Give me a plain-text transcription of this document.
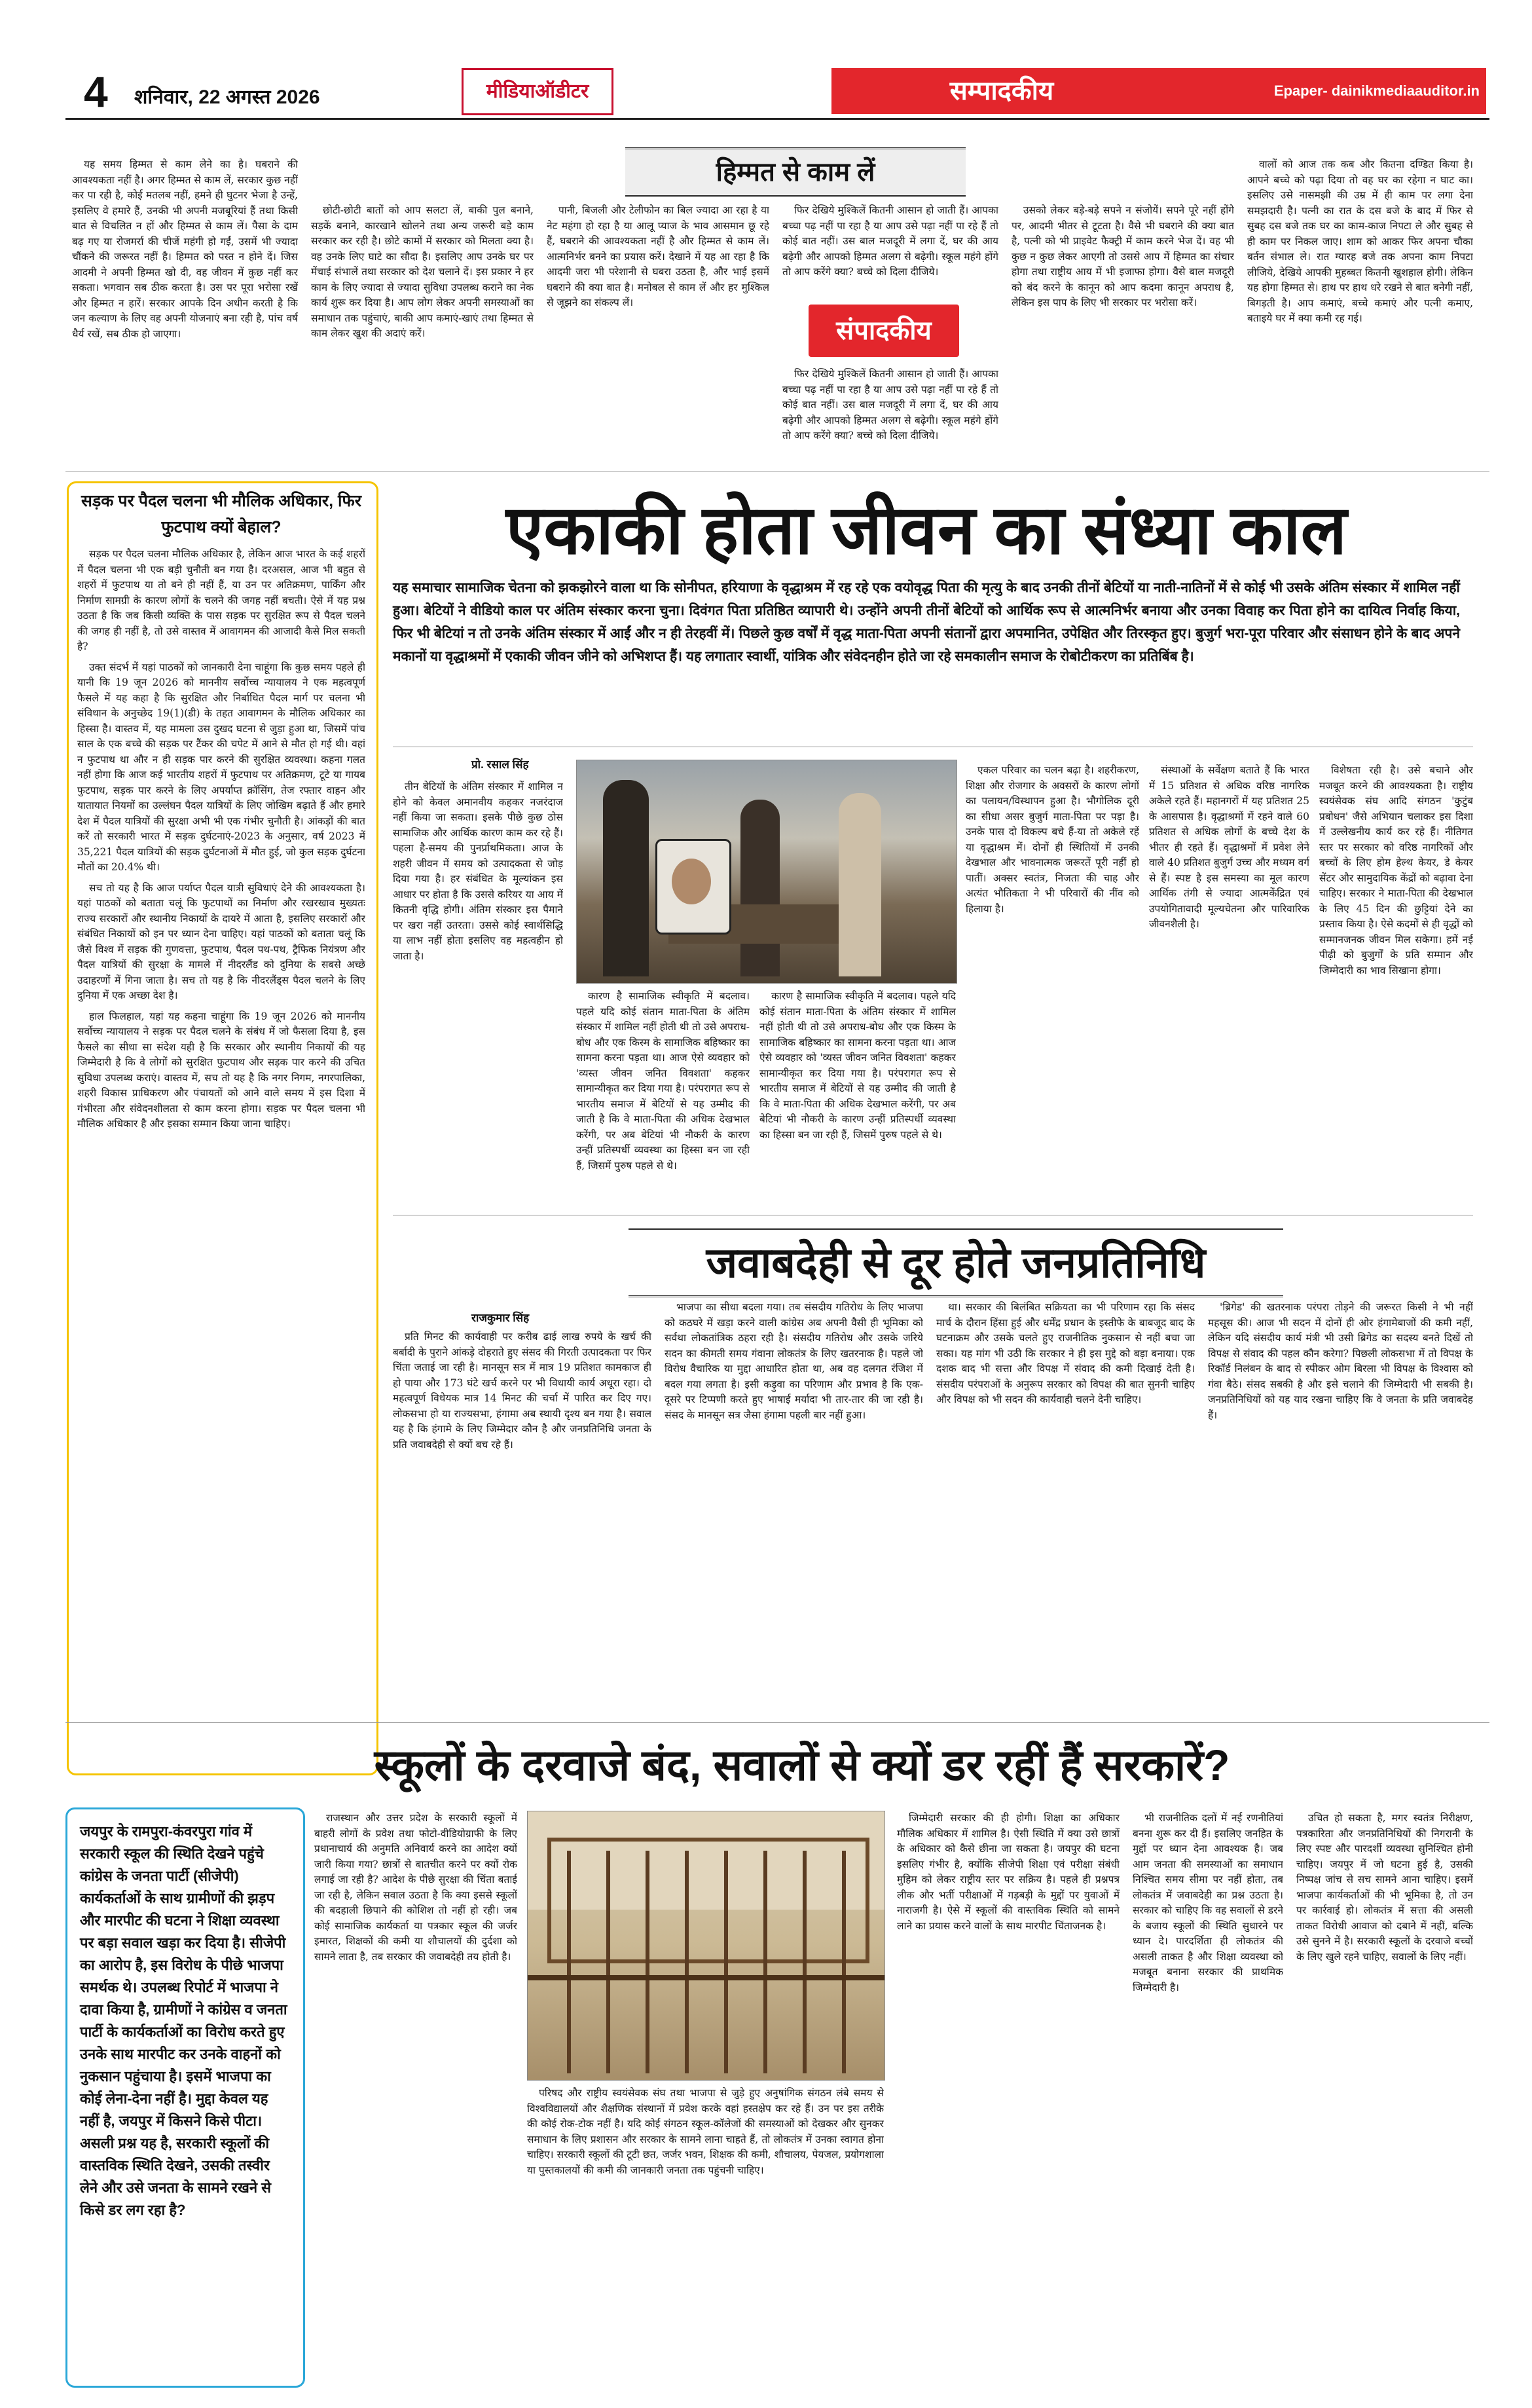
4	शनिवार, 22 अगस्त 2026	मीडियाऑडीटर	सम्पादकीय	Epaper- dainikmediaauditor.in
हिम्मत से काम लें

यह समय हिम्मत से काम लेने का है। घबराने की आवश्यकता नहीं है। अगर हिम्मत से काम लें, सरकार कुछ नहीं कर पा रही है, कोई मतलब नहीं, हमने ही घुटनर भेजा है उन्हें, इसलिए वे हमारे हैं, उनकी भी अपनी मजबूरियां हैं तथा किसी बात से विचलित न हों और हिम्मत से काम लें। पैसा के दाम बढ़ गए या रोजमर्रा की चीजें महंगी हो गईं, उसमें भी ज्यादा चौंकने की जरूरत नहीं है। हिम्मत को पस्त न होने दें। जिस आदमी ने अपनी हिम्मत खो दी, वह जीवन में कुछ नहीं कर सकता। भगवान सब ठीक करता है। उस पर पूरा भरोसा रखें और हिम्मत न हारें। सरकार आपके दिन अधीन करती है कि जन कल्याण के लिए वह अपनी योजनाएं बना रही है, पांच वर्ष धैर्य रखें, सब ठीक हो जाएगा।

छोटी-छोटी बातों को आप सलटा लें, बाकी पुल बनाने, सड़कें बनाने, कारखाने खोलने तथा अन्य जरूरी बड़े काम सरकार कर रही है। छोटे कामों में सरकार को मिलता क्या है। वह उनके लिए घाटे का सौदा है। इसलिए आप उनके घर पर मेंचाई संभालें तथा सरकार को देश चलाने दें। इस प्रकार ने हर काम के लिए ज्यादा से ज्यादा सुविधा उपलब्ध कराने का नेक कार्य शुरू कर दिया है। आप लोग लेकर अपनी समस्याओं का समाधान तक पहुंचाएं, बाकी आप कमाएं-खाएं तथा हिम्मत से काम लेकर खुश की अदाएं करें।

पानी, बिजली और टेलीफोन का बिल ज्यादा आ रहा है या नेट महंगा हो रहा है या आलू प्याज के भाव आसमान छू रहे हैं, घबराने की आवश्यकता नहीं है और हिम्मत से काम लें। आत्मनिर्भर बनने का प्रयास करें। देखाने में यह आ रहा है कि आदमी जरा भी परेशानी से घबरा उठता है, और भाई इसमें घबराने की क्या बात है। मनोबल से काम लें और हर मुश्किल से जूझने का संकल्प लें।

फिर देखिये मुश्किलें कितनी आसान हो जाती हैं। आपका बच्चा पढ़ नहीं पा रहा है या आप उसे पढ़ा नहीं पा रहे हैं तो कोई बात नहीं। उस बाल मजदूरी में लगा दें, घर की आय बढ़ेगी और आपको हिम्मत अलग से बढ़ेगी। स्कूल महंगे होंगे तो आप करेंगे क्या? बच्चे को दिला दीजिये।

फिर देखिये मुश्किलें कितनी आसान हो जाती हैं। आपका बच्चा पढ़ नहीं पा रहा है या आप उसे पढ़ा नहीं पा रहे हैं तो कोई बात नहीं। उस बाल मजदूरी में लगा दें, घर की आय बढ़ेगी और आपको हिम्मत अलग से बढ़ेगी। स्कूल महंगे होंगे तो आप करेंगे क्या? बच्चे को दिला दीजिये।

संपादकीय

उसको लेकर बड़े-बड़े सपने न संजोयें। सपने पूरे नहीं होंगे पर, आदमी भीतर से टूटता है। वैसे भी घबराने की क्या बात है, पत्नी को भी प्राइवेट फैक्ट्री में काम करने भेज दें। वह भी कुछ न कुछ लेकर आएगी तो उससे आप में हिम्मत का संचार होगा तथा राष्ट्रीय आय में भी इजाफा होगा। वैसे बाल मजदूरी को बंद करने के कानून को आप कदमा कानून अपराध है, लेकिन इस पाप के लिए भी सरकार पर भरोसा करें।

वालों को आज तक कब और कितना दण्डित किया है। आपने बच्चे को पढ़ा दिया तो वह घर का रहेगा न घाट का। इसलिए उसे नासमझी की उम्र में ही काम पर लगा देना समझदारी है। पत्नी का रात के दस बजे के बाद में फिर से सुबह दस बजे तक घर का काम-काज निपटा ले और सुबह से ही काम पर निकल जाए। शाम को आकर फिर अपना चौका बर्तन संभाल ले। रात ग्यारह बजे तक अपना काम निपटा लीजिये, देखिये आपकी मुहब्बत कितनी खुशहाल होगी। लेकिन यह होगा हिम्मत से। हाथ पर हाथ धरे रखने से बात बनेगी नहीं, बिगड़ती है। आप कमाएं, बच्चे कमाएं और पत्नी कमाए, बताइये घर में क्या कमी रह गई।

सड़क पर पैदल चलना भी मौलिक अधिकार, फिर फुटपाथ क्यों बेहाल?

सड़क पर पैदल चलना मौलिक अधिकार है, लेकिन आज भारत के कई शहरों में पैदल चलना भी एक बड़ी चुनौती बन गया है। दरअसल, आज भी बहुत से शहरों में फुटपाथ या तो बने ही नहीं हैं, या उन पर अतिक्रमण, पार्किंग और निर्माण सामग्री के कारण लोगों के चलने की जगह नहीं बचती। ऐसे में यह प्रश्न उठता है कि जब किसी व्यक्ति के पास सड़क पर सुरक्षित रूप से पैदल चलने की जगह ही नहीं है, तो उसे वास्तव में आवागमन की आजादी कैसे मिल सकती है?

उक्त संदर्भ में यहां पाठकों को जानकारी देना चाहूंगा कि कुछ समय पहले ही यानी कि 19 जून 2026 को माननीय सर्वोच्च न्यायालय ने एक महत्वपूर्ण फैसले में यह कहा है कि सुरक्षित और निर्बाधित पैदल मार्ग पर चलना भी संविधान के अनुच्छेद 19(1)(डी) के तहत आवागमन के मौलिक अधिकार का हिस्सा है। वास्तव में, यह मामला उस दुखद घटना से जुड़ा हुआ था, जिसमें पांच साल के एक बच्चे की सड़क पर टैंकर की चपेट में आने से मौत हो गई थी। वहां न फुटपाथ था और न ही सड़क पार करने की सुरक्षित व्यवस्था। कहना गलत नहीं होगा कि आज कई भारतीय शहरों में फुटपाथ पर अतिक्रमण, टूटे या गायब फुटपाथ, सड़क पार करने के लिए अपर्याप्त क्रॉसिंग, तेज रफ्तार वाहन और यातायात नियमों का उल्लंघन पैदल यात्रियों के लिए जोखिम बढ़ाते हैं और हमारे देश में पैदल यात्रियों की सुरक्षा अभी भी एक गंभीर चुनौती है। आंकड़ों की बात करें तो सरकारी भारत में सड़क दुर्घटनाएं-2023 के अनुसार, वर्ष 2023 में 35,221 पैदल यात्रियों की सड़क दुर्घटनाओं में मौत हुई, जो कुल सड़क दुर्घटना मौतों का 20.4% थी।

सच तो यह है कि आज पर्याप्त पैदल यात्री सुविधाएं देने की आवश्यकता है। यहां पाठकों को बताता चलूं कि फुटपाथों का निर्माण और रखरखाव मुख्यतः राज्य सरकारों और स्थानीय निकायों के दायरे में आता है, इसलिए सरकारों और संबंधित निकायों को इन पर ध्यान देना चाहिए। यहां पाठकों को बताता चलूं कि जैसे विश्व में सड़क की गुणवत्ता, फुटपाथ, पैदल पथ-पथ, ट्रैफिक नियंत्रण और पैदल यात्रियों की सुरक्षा के मामले में नीदरलैंड को दुनिया के सबसे अच्छे उदाहरणों में गिना जाता है। सच तो यह है कि नीदरलैंड्स पैदल चलने के लिए दुनिया में एक अच्छा देश है।

हाल फिलहाल, यहां यह कहना चाहूंगा कि 19 जून 2026 को माननीय सर्वोच्च न्यायालय ने सड़क पर पैदल चलने के संबंध में जो फैसला दिया है, इस फैसले का सीधा सा संदेश यही है कि सरकार और स्थानीय निकायों की यह जिम्मेदारी है कि वे लोगों को सुरक्षित फुटपाथ और सड़क पार करने की उचित सुविधा उपलब्ध कराएं। वास्तव में, सच तो यह है कि नगर निगम, नगरपालिका, शहरी विकास प्राधिकरण और पंचायतों को आने वाले समय में इस दिशा में गंभीरता और संवेदनशीलता से काम करना होगा। सड़क पर पैदल चलना भी मौलिक अधिकार है और इसका सम्मान किया जाना चाहिए।

एकाकी होता जीवन का संध्या काल
यह समाचार सामाजिक चेतना को झकझोरने वाला था कि सोनीपत, हरियाणा के वृद्धाश्रम में रह रहे एक वयोवृद्ध पिता की मृत्यु के बाद उनकी तीनों बेटियों या नाती-नातिनों में से कोई भी उसके अंतिम संस्कार में शामिल नहीं हुआ। बेटियों ने वीडियो काल पर अंतिम संस्कार करना चुना। दिवंगत पिता प्रतिष्ठित व्यापारी थे। उन्होंने अपनी तीनों बेटियों को आर्थिक रूप से आत्मनिर्भर बनाया और उनका विवाह कर पिता होने का दायित्व निर्वाह किया, फिर भी बेटियां न तो उनके अंतिम संस्कार में आईं और न ही तेरहवीं में। पिछले कुछ वर्षों में वृद्ध माता-पिता अपनी संतानों द्वारा अपमानित, उपेक्षित और तिरस्कृत हुए। बुजुर्ग भरा-पूरा परिवार और संसाधन होने के बाद अपने मकानों या वृद्धाश्रमों में एकाकी जीवन जीने को अभिशप्त हैं। यह लगातार स्वार्थी, यांत्रिक और संवेदनहीन होते जा रहे समकालीन समाज के रोबोटीकरण का प्रतिबिंब है।
प्रो. रसाल सिंह

तीन बेटियों के अंतिम संस्कार में शामिल न होने को केवल अमानवीय कहकर नजरंदाज नहीं किया जा सकता। इसके पीछे कुछ ठोस सामाजिक और आर्थिक कारण काम कर रहे हैं। पहला है-समय की पुनर्प्राथमिकता। आज के शहरी जीवन में समय को उत्पादकता से जोड़ दिया गया है। हर संबंधित के मूल्यांकन इस आधार पर होता है कि उससे करियर या आय में कितनी वृद्धि होगी। अंतिम संस्कार इस पैमाने पर खरा नहीं उतरता। उससे कोई स्वार्थसिद्धि या लाभ नहीं होता इसलिए वह महत्वहीन हो जाता है।

कारण है सामाजिक स्वीकृति में बदलाव। पहले यदि कोई संतान माता-पिता के अंतिम संस्कार में शामिल नहीं होती थी तो उसे अपराध-बोध और एक किस्म के सामाजिक बहिष्कार का सामना करना पड़ता था। आज ऐसे व्यवहार को 'व्यस्त जीवन जनित विवशता' कहकर सामान्यीकृत कर दिया गया है। परंपरागत रूप से भारतीय समाज में बेटियों से यह उम्मीद की जाती है कि वे माता-पिता की अधिक देखभाल करेंगी, पर अब बेटियां भी नौकरी के कारण उन्हीं प्रतिस्पर्धी व्यवस्था का हिस्सा बन जा रही हैं, जिसमें पुरुष पहले से थे।

कारण है सामाजिक स्वीकृति में बदलाव। पहले यदि कोई संतान माता-पिता के अंतिम संस्कार में शामिल नहीं होती थी तो उसे अपराध-बोध और एक किस्म के सामाजिक बहिष्कार का सामना करना पड़ता था। आज ऐसे व्यवहार को 'व्यस्त जीवन जनित विवशता' कहकर सामान्यीकृत कर दिया गया है। परंपरागत रूप से भारतीय समाज में बेटियों से यह उम्मीद की जाती है कि वे माता-पिता की अधिक देखभाल करेंगी, पर अब बेटियां भी नौकरी के कारण उन्हीं प्रतिस्पर्धी व्यवस्था का हिस्सा बन जा रही हैं, जिसमें पुरुष पहले से थे।

एकल परिवार का चलन बढ़ा है। शहरीकरण, शिक्षा और रोजगार के अवसरों के कारण लोगों का पलायन/विस्थापन हुआ है। भौगोलिक दूरी का सीधा असर बुजुर्ग माता-पिता पर पड़ा है। उनके पास दो विकल्प बचे हैं-या तो अकेले रहें या वृद्धाश्रम में। दोनों ही स्थितियों में उनकी देखभाल और भावनात्मक जरूरतें पूरी नहीं हो पातीं। अक्सर स्वतंत्र, निजता की चाह और अत्यंत भौतिकता ने भी परिवारों की नींव को हिलाया है।

संस्थाओं के सर्वेक्षण बताते हैं कि भारत में 15 प्रतिशत से अधिक वरिष्ठ नागरिक अकेले रहते हैं। महानगरों में यह प्रतिशत 25 के आसपास है। वृद्धाश्रमों में रहने वाले 60 प्रतिशत से अधिक लोगों के बच्चे देश के भीतर ही रहते हैं। वृद्धाश्रमों में प्रवेश लेने वाले 40 प्रतिशत बुजुर्ग उच्च और मध्यम वर्ग से हैं। स्पष्ट है इस समस्या का मूल कारण आर्थिक तंगी से ज्यादा आत्मकेंद्रित एवं उपयोगितावादी मूल्यचेतना और पारिवारिक जीवनशैली है।

विशेषता रही है। उसे बचाने और मजबूत करने की आवश्यकता है। राष्ट्रीय स्वयंसेवक संघ आदि संगठन 'कुटुंब प्रबोधन' जैसे अभियान चलाकर इस दिशा में उल्लेखनीय कार्य कर रहे हैं। नीतिगत स्तर पर सरकार को वरिष्ठ नागरिकों और बच्चों के लिए होम हेल्थ केयर, डे केयर सेंटर और सामुदायिक केंद्रों को बढ़ावा देना चाहिए। सरकार ने माता-पिता की देखभाल के लिए 45 दिन की छुट्टियां देने का प्रस्ताव किया है। ऐसे कदमों से ही वृद्धों को सम्मानजनक जीवन मिल सकेगा। हमें नई पीढ़ी को बुजुर्गों के प्रति सम्मान और जिम्मेदारी का भाव सिखाना होगा।

जवाबदेही से दूर होते जनप्रतिनिधि
राजकुमार सिंह

प्रति मिनट की कार्यवाही पर करीब ढाई लाख रुपये के खर्च की बर्बादी के पुराने आंकड़े दोहराते हुए संसद की गिरती उत्पादकता पर फिर चिंता जताई जा रही है। मानसून सत्र में मात्र 19 प्रतिशत कामकाज ही हो पाया और 173 घंटे खर्च करने पर भी विधायी कार्य अधूरा रहा। दो महत्वपूर्ण विधेयक मात्र 14 मिनट की चर्चा में पारित कर दिए गए। लोकसभा हो या राज्यसभा, हंगामा अब स्थायी दृश्य बन गया है। सवाल यह है कि हंगामे के लिए जिम्मेदार कौन है और जनप्रतिनिधि जनता के प्रति जवाबदेही से क्यों बच रहे हैं।

भाजपा का सीधा बदला गया। तब संसदीय गतिरोध के लिए भाजपा को कठघरे में खड़ा करने वाली कांग्रेस अब अपनी वैसी ही भूमिका को सर्वथा लोकतांत्रिक ठहरा रही है। संसदीय गतिरोध और उसके जरिये सदन का कीमती समय गंवाना लोकतंत्र के लिए खतरनाक है। पहले जो विरोध वैचारिक या मुद्दा आधारित होता था, अब वह दलगत रंजिश में बदल गया लगता है। इसी कड़ुवा का परिणाम और प्रभाव है कि एक-दूसरे पर टिप्पणी करते हुए भाषाई मर्यादा भी तार-तार की जा रही है। संसद के मानसून सत्र जैसा हंगामा पहली बार नहीं हुआ।

था। सरकार की बिलंबित सक्रियता का भी परिणाम रहा कि संसद मार्च के दौरान हिंसा हुई और धर्मेंद्र प्रधान के इस्तीफे के बाबजूद बाद के घटनाक्रम और उसके चलते हुए राजनीतिक नुकसान से नहीं बचा जा सका। यह मांग भी उठी कि सरकार ने ही इस मुद्दे को बड़ा बनाया। एक दशक बाद भी सत्ता और विपक्ष में संवाद की कमी दिखाई देती है। संसदीय परंपराओं के अनुरूप सरकार को विपक्ष की बात सुननी चाहिए और विपक्ष को भी सदन की कार्यवाही चलने देनी चाहिए।

'ब्रिगेड' की खतरनाक परंपरा तोड़ने की जरूरत किसी ने भी नहीं महसूस की। आज भी सदन में दोनों ही ओर हंगामेबाजों की कमी नहीं, लेकिन यदि संसदीय कार्य मंत्री भी उसी ब्रिगेड का सदस्य बनते दिखें तो विपक्ष से संवाद की पहल कौन करेगा? पिछली लोकसभा में तो विपक्ष के रिकॉर्ड निलंबन के बाद से स्पीकर ओम बिरला भी विपक्ष के विश्वास को गंवा बैठे। संसद सबकी है और इसे चलाने की जिम्मेदारी भी सबकी है। जनप्रतिनिधियों को यह याद रखना चाहिए कि वे जनता के प्रति जवाबदेह हैं।

स्कूलों के दरवाजे बंद, सवालों से क्यों डर रहीं हैं सरकारें?
जयपुर के रामपुरा-कंवरपुरा गांव में सरकारी स्कूल की स्थिति देखने पहुंचे कांग्रेस के जनता पार्टी (सीजेपी) कार्यकर्ताओं के साथ ग्रामीणों की झड़प और मारपीट की घटना ने शिक्षा व्यवस्था पर बड़ा सवाल खड़ा कर दिया है। सीजेपी का आरोप है, इस विरोध के पीछे भाजपा समर्थक थे। उपलब्ध रिपोर्ट में भाजपा ने दावा किया है, ग्रामीणों ने कांग्रेस व जनता पार्टी के कार्यकर्ताओं का विरोध करते हुए उनके साथ मारपीट कर उनके वाहनों को नुकसान पहुंचाया है। इसमें भाजपा का कोई लेना-देना नहीं है। मुद्दा केवल यह नहीं है, जयपुर में किसने किसे पीटा। असली प्रश्न यह है, सरकारी स्कूलों की वास्तविक स्थिति देखने, उसकी तस्वीर लेने और उसे जनता के सामने रखने से किसे डर लग रहा है?

राजस्थान और उत्तर प्रदेश के सरकारी स्कूलों में बाहरी लोगों के प्रवेश तथा फोटो-वीडियोग्राफी के लिए प्रधानाचार्य की अनुमति अनिवार्य करने का आदेश क्यों जारी किया गया? छात्रों से बातचीत करने पर क्यों रोक लगाई जा रही है? आदेश के पीछे सुरक्षा की चिंता बताई जा रही है, लेकिन सवाल उठता है कि क्या इससे स्कूलों की बदहाली छिपाने की कोशिश तो नहीं हो रही। जब कोई सामाजिक कार्यकर्ता या पत्रकार स्कूल की जर्जर इमारत, शिक्षकों की कमी या शौचालयों की दुर्दशा को सामने लाता है, तब सरकार की जवाबदेही तय होती है।

परिषद और राष्ट्रीय स्वयंसेवक संघ तथा भाजपा से जुड़े हुए अनुषांगिक संगठन लंबे समय से विश्वविद्यालयों और शैक्षणिक संस्थानों में प्रवेश करके वहां हस्तक्षेप कर रहे हैं। उन पर इस तरीके की कोई रोक-टोक नहीं है। यदि कोई संगठन स्कूल-कॉलेजों की समस्याओं को देखकर और सुनकर समाधान के लिए प्रशासन और सरकार के सामने लाना चाहते हैं, तो लोकतंत्र में उनका स्वागत होना चाहिए। सरकारी स्कूलों की टूटी छत, जर्जर भवन, शिक्षक की कमी, शौचालय, पेयजल, प्रयोगशाला या पुस्तकालयों की कमी की जानकारी जनता तक पहुंचनी चाहिए।

जिम्मेदारी सरकार की ही होगी। शिक्षा का अधिकार मौलिक अधिकार में शामिल है। ऐसी स्थिति में क्या उसे छात्रों के अधिकार को कैसे छीना जा सकता है। जयपुर की घटना इसलिए गंभीर है, क्योंकि सीजेपी शिक्षा एवं परीक्षा संबंधी मुहिम को लेकर राष्ट्रीय स्तर पर सक्रिय है। पहले ही प्रश्नपत्र लीक और भर्ती परीक्षाओं में गड़बड़ी के मुद्दों पर युवाओं में नाराजगी है। ऐसे में स्कूलों की वास्तविक स्थिति को सामने लाने का प्रयास करने वालों के साथ मारपीट चिंताजनक है।

भी राजनीतिक दलों में नई रणनीतियां बनना शुरू कर दी हैं। इसलिए जनहित के मुद्दों पर ध्यान देना आवश्यक है। जब आम जनता की समस्याओं का समाधान निश्चित समय सीमा पर नहीं होता, तब लोकतंत्र में जवाबदेही का प्रश्न उठता है। सरकार को चाहिए कि वह सवालों से डरने के बजाय स्कूलों की स्थिति सुधारने पर ध्यान दे। पारदर्शिता ही लोकतंत्र की असली ताकत है और शिक्षा व्यवस्था को मजबूत बनाना सरकार की प्राथमिक जिम्मेदारी है।

उचित हो सकता है, मगर स्वतंत्र निरीक्षण, पत्रकारिता और जनप्रतिनिधियों की निगरानी के लिए स्पष्ट और पारदर्शी व्यवस्था सुनिश्चित होनी चाहिए। जयपुर में जो घटना हुई है, उसकी निष्पक्ष जांच से सच सामने आना चाहिए। इसमें भाजपा कार्यकर्ताओं की भी भूमिका है, तो उन पर कार्रवाई हो। लोकतंत्र में सत्ता की असली ताकत विरोधी आवाज को दबाने में नहीं, बल्कि उसे सुनने में है। सरकारी स्कूलों के दरवाजे बच्चों के लिए खुले रहने चाहिए, सवालों के लिए नहीं।
